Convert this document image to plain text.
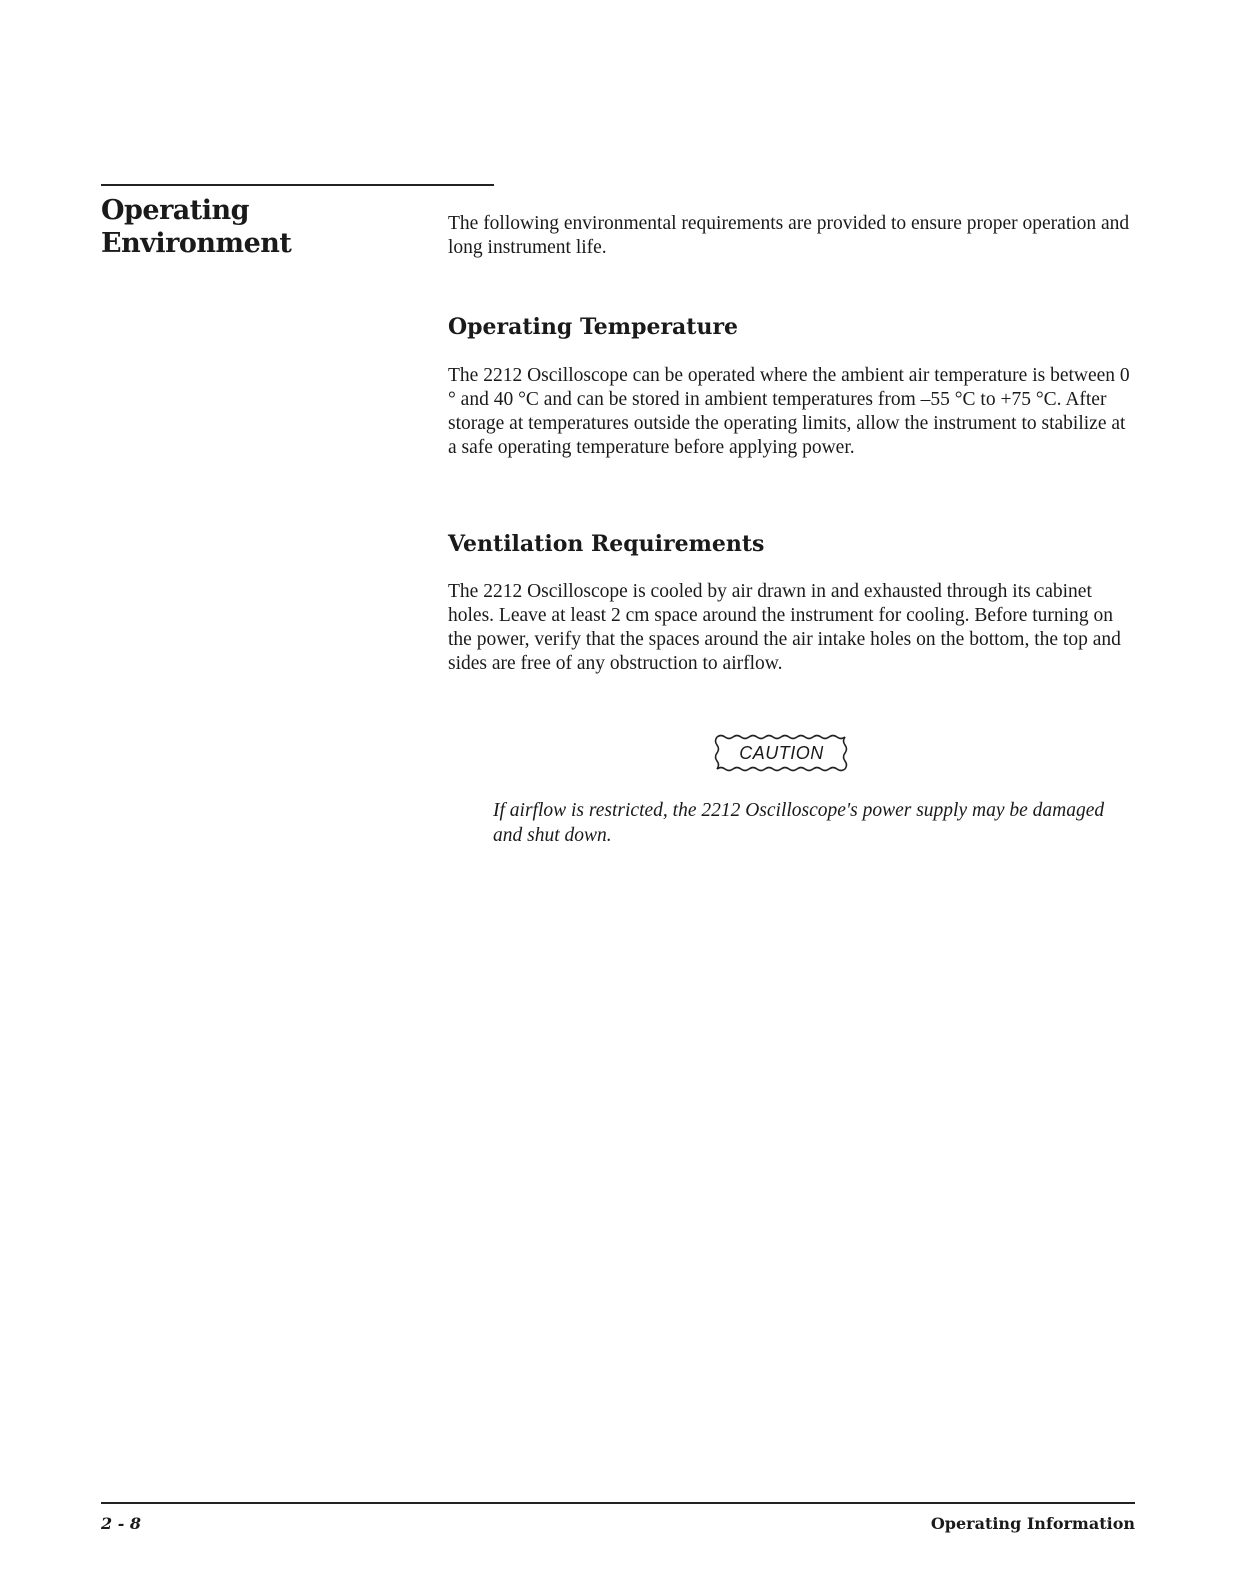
Operating
Environment

The following environmental requirements are provided to ensure proper operation and long instrument life.

Operating Temperature

The 2212 Oscilloscope can be operated where the ambient air temperature is between 0 ° and 40 °C and can be stored in ambient temperatures from –55 °C to +75 °C. After storage at temperatures outside the operating limits, allow the instrument to stabilize at a safe operating temperature before applying power.

Ventilation Requirements

The 2212 Oscilloscope is cooled by air drawn in and exhausted through its cabinet holes. Leave at least 2 cm space around the instrument for cooling. Before turning on the power, verify that the spaces around the air intake holes on the bottom, the top and sides are free of any obstruction to airflow.

CAUTION

If airflow is restricted, the 2212 Oscilloscope's power supply may be damaged and shut down.

2 - 8	Operating Information
